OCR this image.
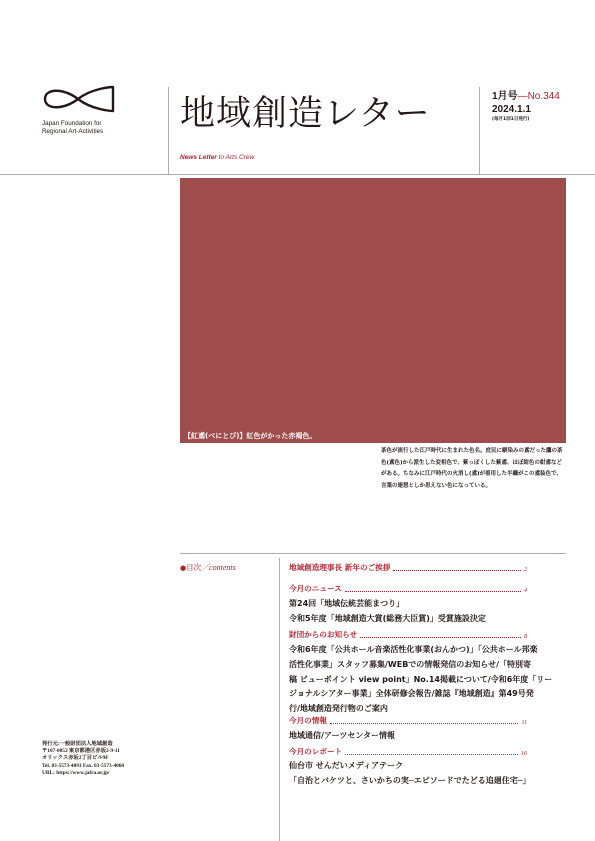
Japan Foundation for
Regional Art-Activities	地域創造レター
News Letter to Arts Crew
1月号—No.344
2024.1.1
(毎月1回1日発行)
【紅鳶(べにとび)】紅色がかった赤褐色。
茶色が流行した江戸時代に生まれた色名。庶民に馴染みの鳶だった鷹の茶色(鳶色)から派生した変相色で、紫っぽくした紫鳶、ほぼ紺色の紺鳶などがある。ちなみに江戸時代の火消し(鳶)が着用した半纏がこの鳶装色で、言葉の連想としか思えない色になっている。
●目次／contents	地域創造理事長 新年のご挨拶	2
今月のニュース	4
第24回「地域伝統芸能まつり」
令和5年度「地域創造大賞(総務大臣賞)」受賞施設決定
財団からのお知らせ	8
令和6年度「公共ホール音楽活性化事業(おんかつ)」「公共ホール邦楽
活性化事業」スタッフ募集/WEBでの情報発信のお知らせ/「特別寄
稿 ビューポイント view point」No.14掲載について/令和6年度「リー
ジョナルシアター事業」全体研修会報告/雑誌『地域創造』第49号発
行/地域創造発行物のご案内
今月の情報	11
地域通信/アーツセンター情報
今月のレポート	16
仙台市 せんだいメディアテーク
「自治とバケツと、さいかちの実─エピソードでたどる追廻住宅─」
発行元:一般財団法人地域創造
〒107-0052 東京都港区赤坂2-9-11
オリックス赤坂2丁目ビル9F
Tel. 03-5573-4093 Fax. 03-5573-4060
URL: https://www.jafra.or.jp/
